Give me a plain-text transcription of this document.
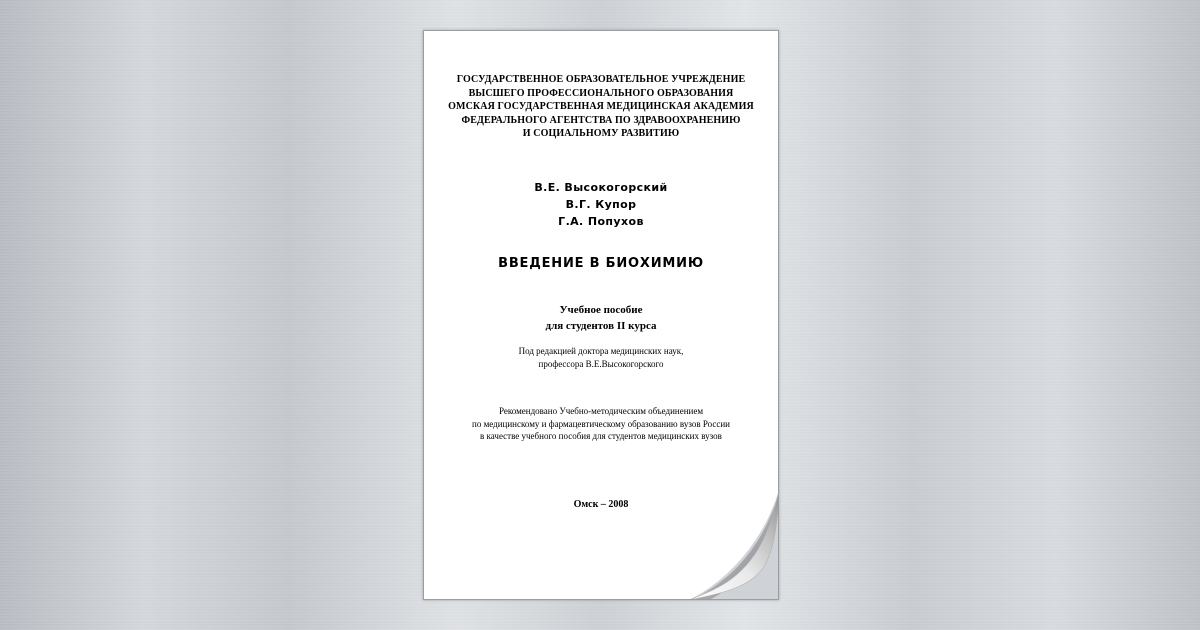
ГОСУДАРСТВЕННОЕ ОБРАЗОВАТЕЛЬНОЕ УЧРЕЖДЕНИЕ
ВЫСШЕГО ПРОФЕССИОНАЛЬНОГО ОБРАЗОВАНИЯ
ОМСКАЯ ГОСУДАРСТВЕННАЯ МЕДИЦИНСКАЯ АКАДЕМИЯ
ФЕДЕРАЛЬНОГО АГЕНТСТВА ПО ЗДРАВООХРАНЕНИЮ
И СОЦИАЛЬНОМУ РАЗВИТИЮ
В.Е. Высокогорский
В.Г. Купор
Г.А. Попухов
ВВЕДЕНИЕ В БИОХИМИЮ
Учебное пособие
для студентов II курса
Под редакцией доктора медицинских наук,
профессора В.Е.Высокогорского
Рекомендовано Учебно-методическим объединением
по медицинскому и фармацевтическому образованию вузов России
в качестве учебного пособия для студентов медицинских вузов
Омск – 2008
